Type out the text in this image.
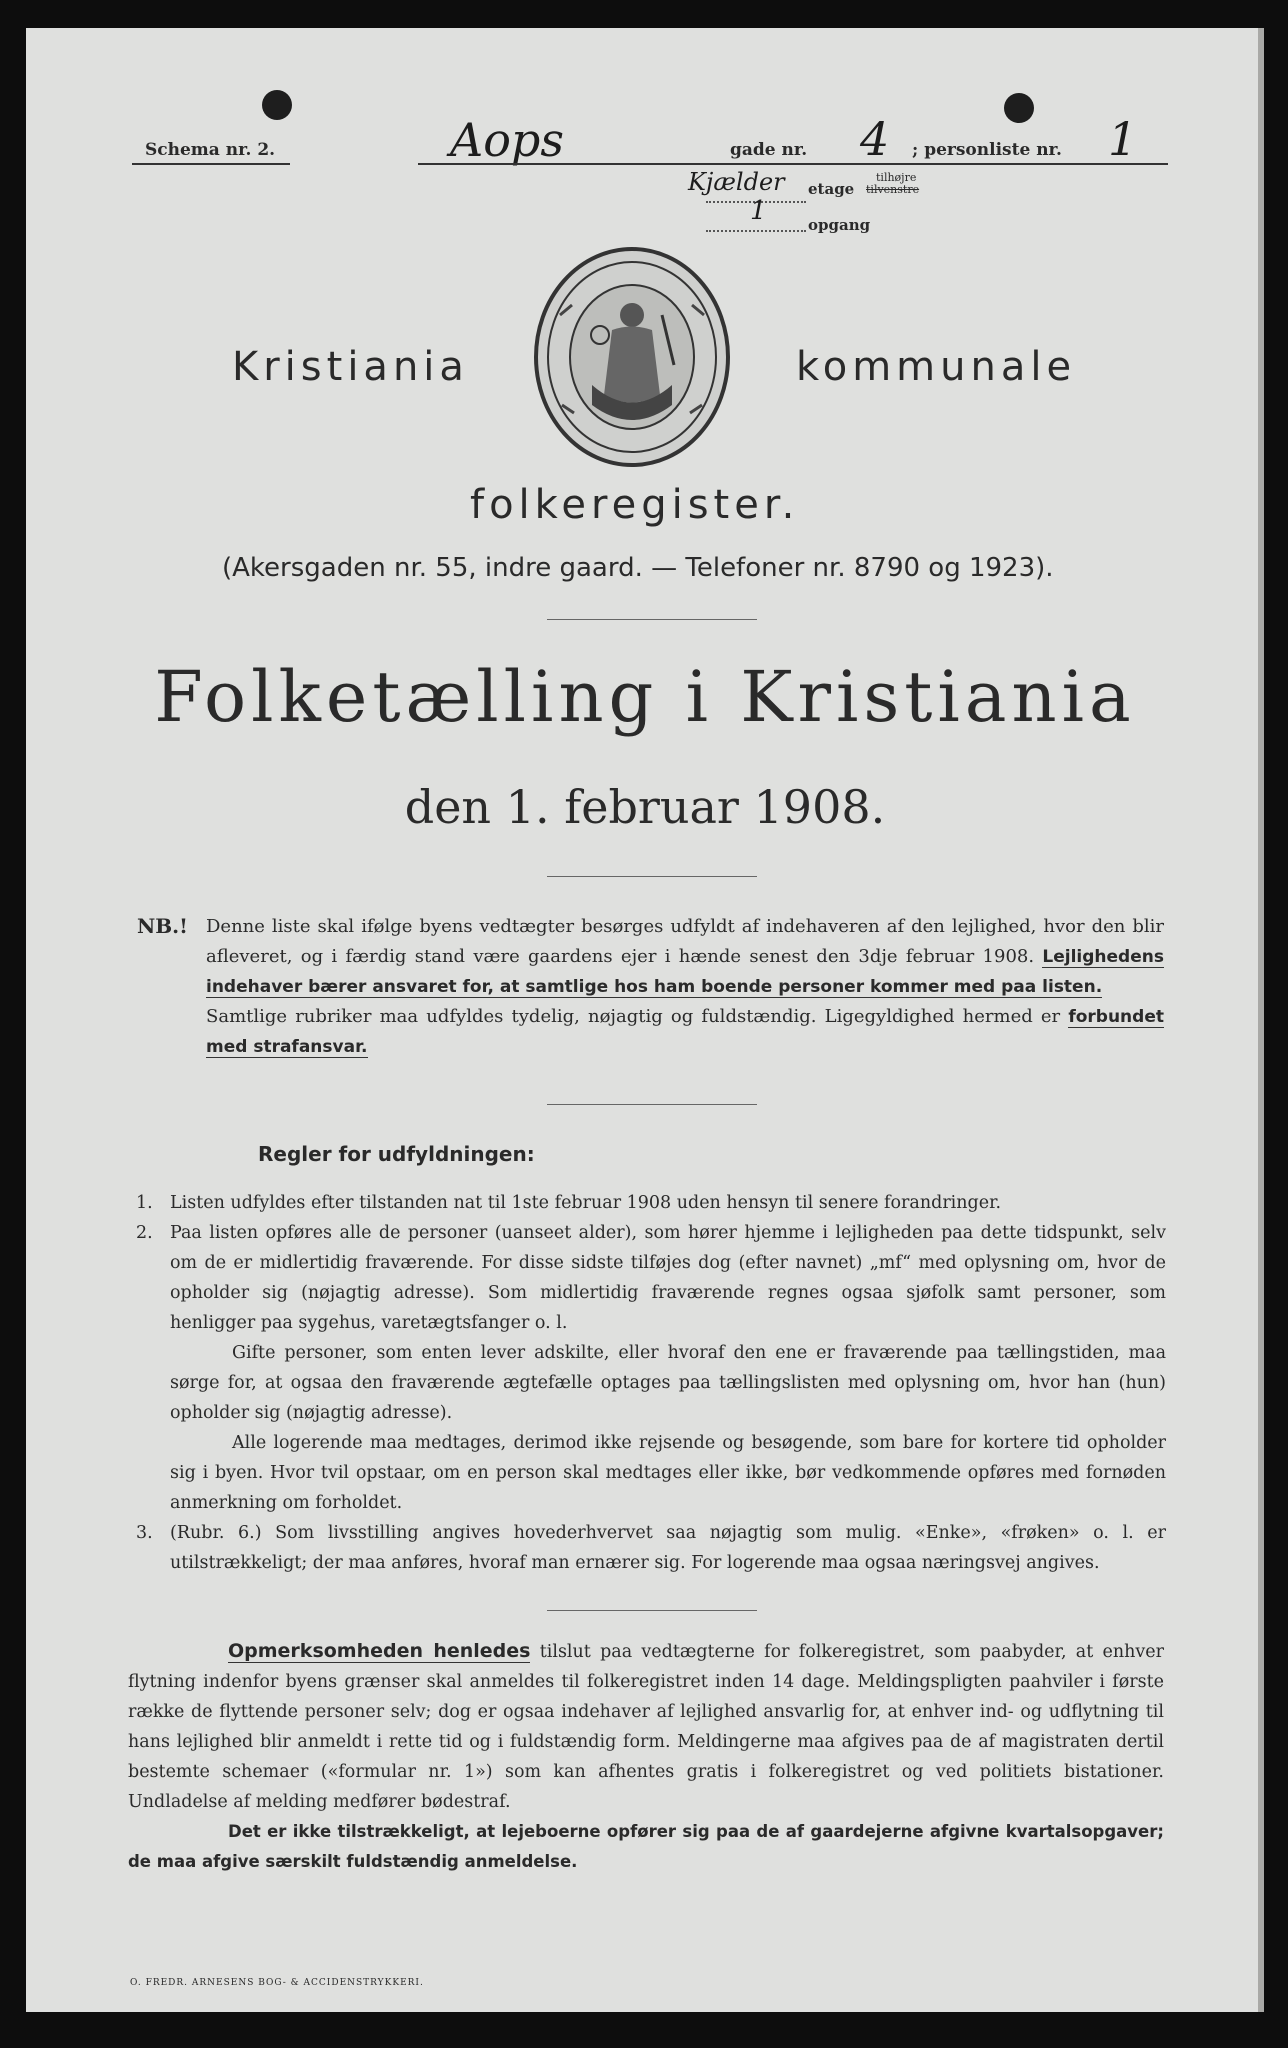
Schema nr. 2.	Aops	gade nr. 4 ; personliste nr. 1
Kjælder etage
tilhøjre
tilvenstre
1	opgang
Kristiania	kommunale
folkeregister.
(Akersgaden nr. 55, indre gaard. — Telefoner nr. 8790 og 1923).
Folketælling i Kristiania
den 1. februar 1908.
NB.! Denne liste skal ifølge byens vedtægter besørges udfyldt af indehaveren af den lejlighed, hvor den blir afleveret, og i færdig stand være gaardens ejer i hænde senest den 3dje februar 1908. Lejlighedens indehaver bærer ansvaret for, at samtlige hos ham boende personer kommer med paa listen.

Samtlige rubriker maa udfyldes tydelig, nøjagtig og fuldstændig. Ligegyldighed hermed er forbundet med strafansvar.

Regler for udfyldningen:

1. Listen udfyldes efter tilstanden nat til 1ste februar 1908 uden hensyn til senere forandringer.

2. Paa listen opføres alle de personer (uanseet alder), som hører hjemme i lejligheden paa dette tidspunkt, selv om de er midlertidig fraværende. For disse sidste tilføjes dog (efter navnet) „mf“ med oplysning om, hvor de opholder sig (nøjagtig adresse). Som midlertidig fraværende regnes ogsaa sjøfolk samt personer, som henligger paa sygehus, varetægtsfanger o. l.

Gifte personer, som enten lever adskilte, eller hvoraf den ene er fraværende paa tællingstiden, maa sørge for, at ogsaa den fraværende ægtefælle optages paa tællingslisten med oplysning om, hvor han (hun) opholder sig (nøjagtig adresse).

Alle logerende maa medtages, derimod ikke rejsende og besøgende, som bare for kortere tid opholder sig i byen. Hvor tvil opstaar, om en person skal medtages eller ikke, bør vedkommende opføres med fornøden anmerkning om forholdet.

3. (Rubr. 6.) Som livsstilling angives hovederhvervet saa nøjagtig som mulig. «Enke», «frøken» o. l. er utilstrækkeligt; der maa anføres, hvoraf man ernærer sig. For logerende maa ogsaa næringsvej angives.

Opmerksomheden henledes tilslut paa vedtægterne for folkeregistret, som paabyder, at enhver flytning indenfor byens grænser skal anmeldes til folkeregistret inden 14 dage. Meldingspligten paahviler i første række de flyttende personer selv; dog er ogsaa indehaver af lejlighed ansvarlig for, at enhver ind- og udflytning til hans lejlighed blir anmeldt i rette tid og i fuldstændig form. Meldingerne maa afgives paa de af magistraten dertil bestemte schemaer («formular nr. 1») som kan afhentes gratis i folkeregistret og ved politiets bistationer. Undladelse af melding medfører bødestraf.

Det er ikke tilstrækkeligt, at lejeboerne opfører sig paa de af gaardejerne afgivne kvartalsopgaver; de maa afgive særskilt fuldstændig anmeldelse.

O. FREDR. ARNESENS BOG- & ACCIDENSTRYKKERI.
